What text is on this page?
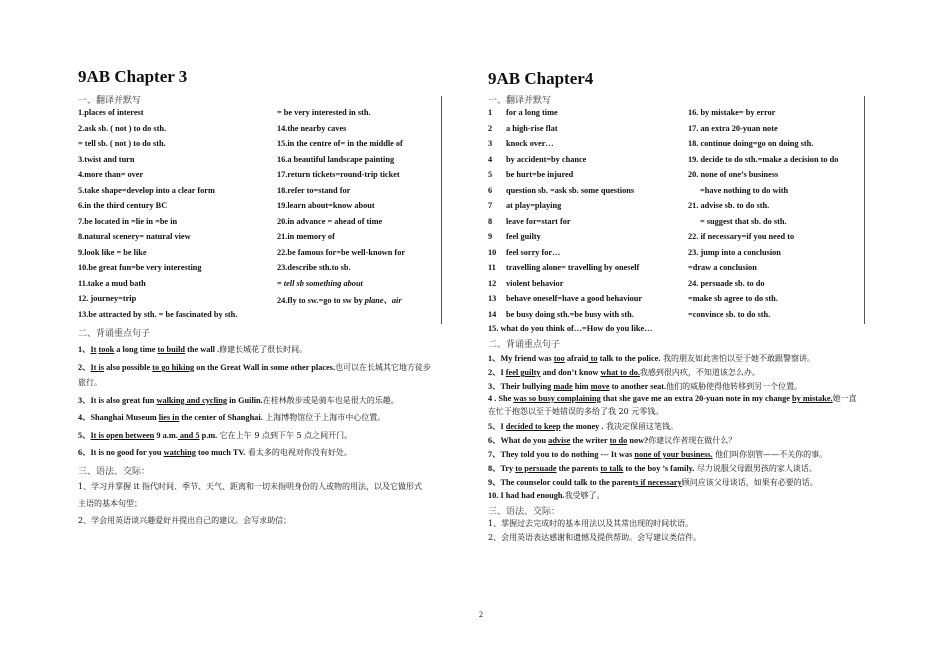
9AB Chapter 3
一、翻译并默写
1.places of interest
2.ask sb. ( not ) to do sth.
= tell sb. ( not ) to do sth.
3.twist and turn
4.more than= over
5.take shape=develop into a clear form
6.in the third century BC
7.be located in =lie in =be in
8.natural scenery= natural view
9.look like = be like
10.be great fun=be very interesting
11.take a mud bath
12. journey=trip
13.be attracted by sth. = be fascinated by sth.
= be very interested in sth.
14.the nearby caves
15.in the centre of= in the middle of
16.a beautiful landscape painting
17.return tickets=round-trip ticket
18.refer to=stand for
19.learn about=know about
20.in advance = ahead of time
21.in memory of
22.be famous for=be well-known for
23.describe sth.to sb.
= tell sb something about
24.fly to sw.=go to sw by plane、air
二、背诵重点句子
1、It took a long time to build the wall .修建长城花了很长时间。
2、It is also possible to go hiking on the Great Wall in some other places.也可以在长城其它地方徒步
旅行。
3、It is also great fun walking and cycling in Guilin.在桂林散步或是骑车也是很大的乐趣。
4、Shanghai Museum lies in the center of Shanghai. 上海博物馆位于上海市中心位置。
5、It is open between 9 a.m. and 5 p.m. 它在上午 9 点到下午 5 点之间开门。
6、It is no good for you watching too much TV. 看太多的电视对你没有好处。
三、语法、交际：
1、学习并掌握 it 指代时间、季节、天气、距离和一切未指明身份的人或物的用法，以及它做形式
主语的基本句型；
2、学会用英语谈兴趣爱好并提出自己的建议。会写求助信；
9AB Chapter4
一、翻译并默写
1 for a long time
2 a high-rise flat
3 knock over…
4 by accident=by chance
5 be hurt=be injured
6 question sb. =ask sb. some questions
7 at play=playing
8 leave for=start for
9 feel guilty
10 feel sorry for…
11 travelling alone= travelling by oneself
12 violent behavior
13 behave oneself=have a good behaviour
14 be busy doing sth.=be busy with sth.
16. by mistake= by error
17. an extra 20-yuan note
18. continue doing=go on doing sth.
19. decide to do sth.=make a decision to do
20. none of one’s business
=have nothing to do with
21. advise sb. to do sth.
= suggest that sb. do sth.
22. if necessary=if you need to
23. jump into a conclusion
=draw a conclusion
24. persuade sb. to do
=make sb agree to do sth.
=convince sb. to do sth.
15. what do you think of…=How do you like…
二、背诵重点句子
1、My friend was too afraid to talk to the police. 我的朋友如此害怕以至于她不敢跟警察讲。
2、I feel guilty and don’t know what to do.我感到很内疚，不知道该怎么办。
3、Their bullying made him move to another seat.他们的威胁使得他转移到另一个位置。
4 . She was so busy complaining that she gave me an extra 20-yuan note in my change by mistake.她一直
在忙于抱怨以至于她错误的多给了我 20 元零钱。
5、I decided to keep the money . 我决定保留这笔钱。
6、What do you advise the writer to do now?你建议作者现在做什么？
7、They told you to do nothing --- It was none of your business. 他们叫你别管——不关你的事。
8、Try to persuade the parents to talk to the boy ’s family. 尽力说服父母跟男孩的家人谈话。
9、The counselor could talk to the parents if necessary顾问应该父母谈话，如果有必要的话。
10. I had had enough.我受够了。
三、语法、交际：
1、掌握过去完成时的基本用法以及其常出现的时间状语。
2、会用英语表达感谢和遗憾及提供帮助。会写建议类信件。
2
